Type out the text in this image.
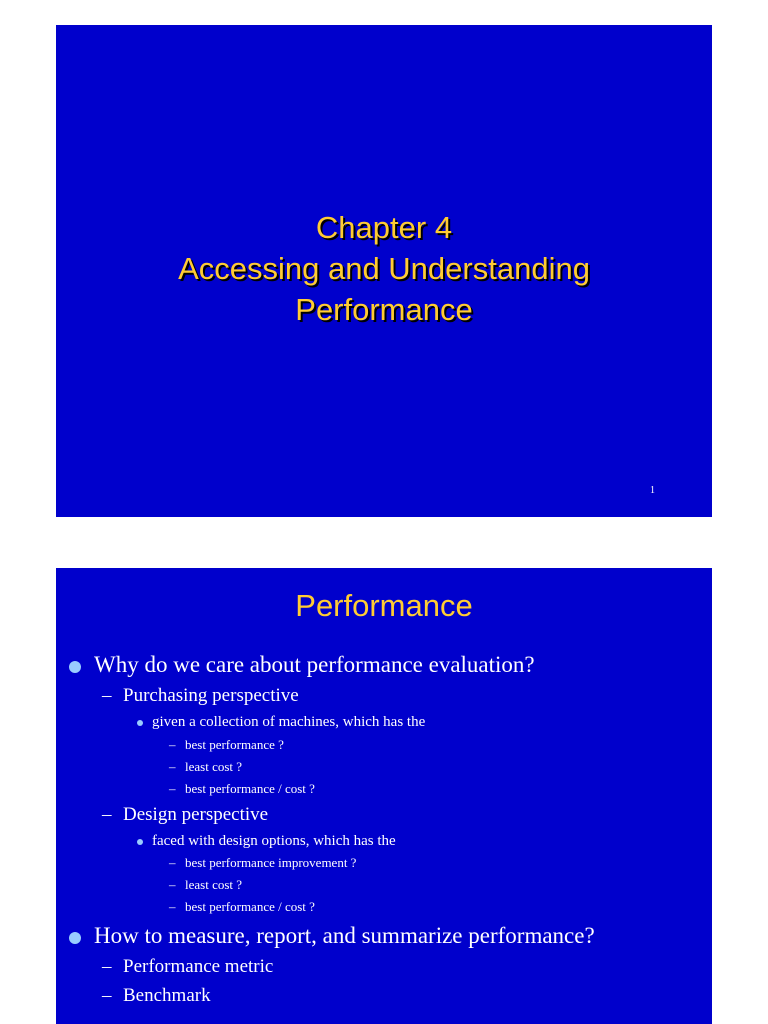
Chapter 4
Accessing and Understanding
Performance
1
Performance
Why do we care about performance evaluation?
– Purchasing perspective
given a collection of machines, which has the
– best performance ?
– least cost ?
– best performance / cost ?
– Design perspective
faced with design options, which has the
– best performance improvement ?
– least cost ?
– best performance / cost ?
How to measure, report, and summarize performance?
– Performance metric
– Benchmark
